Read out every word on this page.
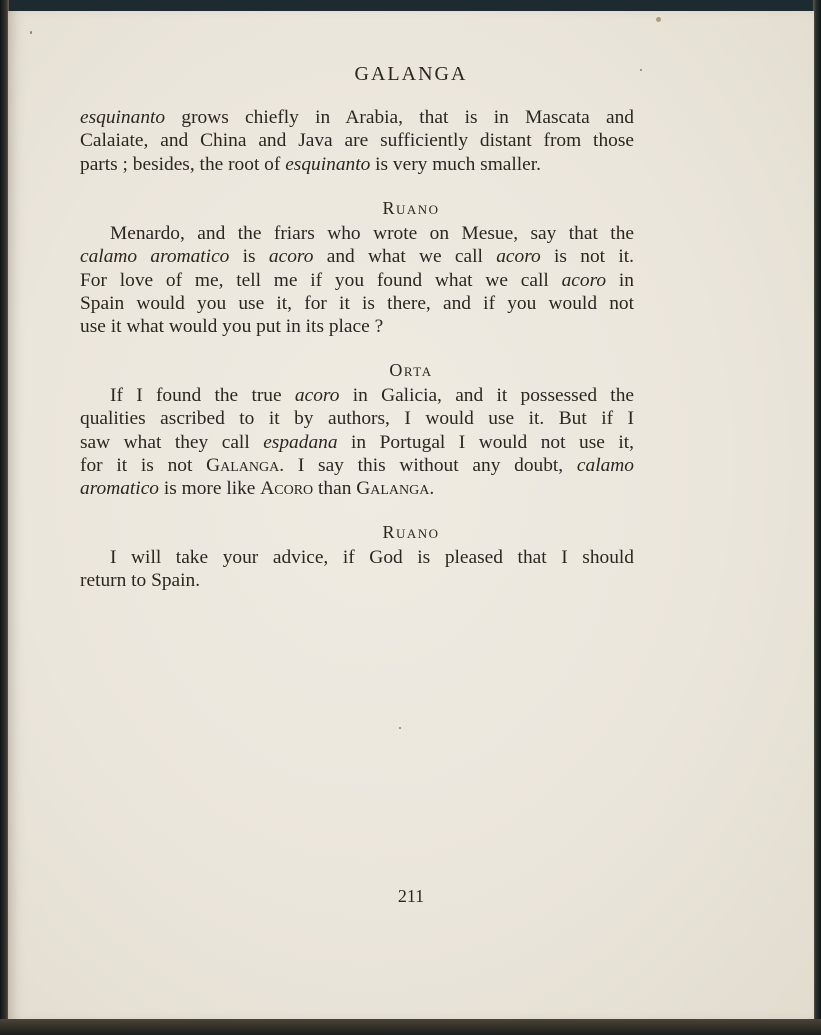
GALANGA
esquinanto grows chiefly in Arabia, that is in Mascata and
Calaiate, and China and Java are sufficiently distant from those
parts ; besides, the root of esquinanto is very much smaller.
Ruano
Menardo, and the friars who wrote on Mesue, say that the
calamo aromatico is acoro and what we call acoro is not it.
For love of me, tell me if you found what we call acoro in
Spain would you use it, for it is there, and if you would not
use it what would you put in its place ?
Orta
If I found the true acoro in Galicia, and it possessed the
qualities ascribed to it by authors, I would use it. But if I
saw what they call espadana in Portugal I would not use it,
for it is not Galanga. I say this without any doubt, calamo
aromatico is more like Acoro than Galanga.
Ruano
I will take your advice, if God is pleased that I should
return to Spain.
211
